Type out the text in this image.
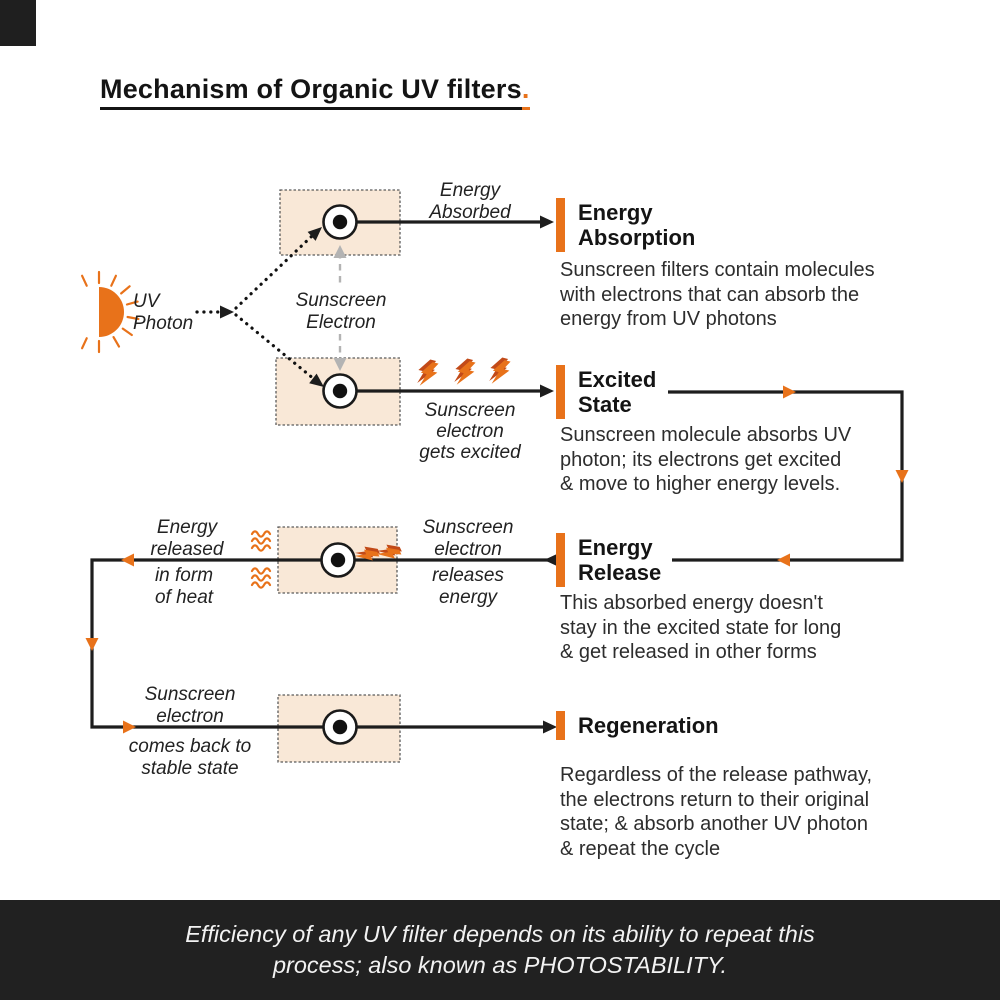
Mechanism of Organic UV filters.
UV
Photon
Energy
Absorbed
Sunscreen
Electron
Sunscreen
electron
gets excited
Energy
released
in form
of heat
Sunscreen
electron
releases
energy
Sunscreen
electron
comes back to
stable state
Energy
Absorption
Sunscreen filters contain molecules
with electrons that can absorb the
energy from UV photons
Excited
State
Sunscreen molecule absorbs UV
photon; its electrons get excited
& move to higher energy levels.
Energy
Release
This absorbed energy doesn't
stay in the excited state for long
& get released in other forms
Regeneration
Regardless of the release pathway,
the electrons return to their original
state; & absorb another UV photon
& repeat the cycle
Efficiency of any UV filter depends on its ability to repeat this
process; also known as PHOTOSTABILITY.
